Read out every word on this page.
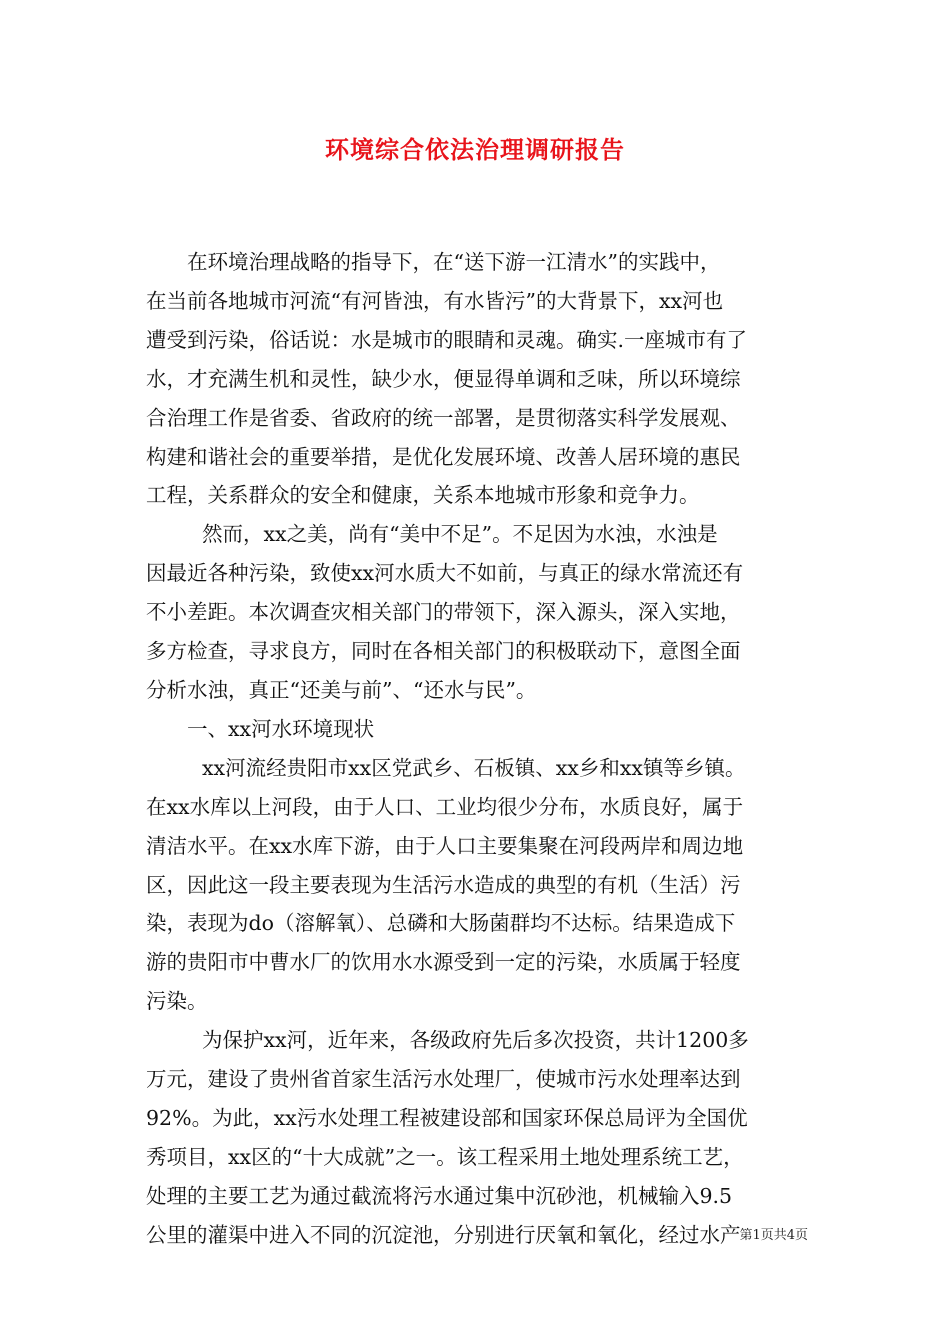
环境综合依法治理调研报告
在环境治理战略的指导下，在“送下游一江清水”的实践中，
在当前各地城市河流“有河皆浊，有水皆污”的大背景下，xx河也
遭受到污染，俗话说：水是城市的眼睛和灵魂。确实.一座城市有了
水，才充满生机和灵性，缺少水，便显得单调和乏味，所以环境综
合治理工作是省委、省政府的统一部署，是贯彻落实科学发展观、
构建和谐社会的重要举措，是优化发展环境、改善人居环境的惠民
工程，关系群众的安全和健康，关系本地城市形象和竞争力。
然而，xx之美，尚有“美中不足”。不足因为水浊，水浊是
因最近各种污染，致使xx河水质大不如前，与真正的绿水常流还有
不小差距。本次调查灾相关部门的带领下，深入源头，深入实地，
多方检查，寻求良方，同时在各相关部门的积极联动下，意图全面
分析水浊，真正“还美与前”、“还水与民”。
一、xx河水环境现状
xx河流经贵阳市xx区党武乡、石板镇、xx乡和xx镇等乡镇。
在xx水库以上河段，由于人口、工业均很少分布，水质良好，属于
清洁水平。在xx水库下游，由于人口主要集聚在河段两岸和周边地
区，因此这一段主要表现为生活污水造成的典型的有机（生活）污
染，表现为do（溶解氧）、总磷和大肠菌群均不达标。结果造成下
游的贵阳市中曹水厂的饮用水水源受到一定的污染，水质属于轻度
污染。
为保护xx河，近年来，各级政府先后多次投资，共计1200多
万元，建设了贵州省首家生活污水处理厂，使城市污水处理率达到
92%。为此，xx污水处理工程被建设部和国家环保总局评为全国优
秀项目，xx区的“十大成就”之一。该工程采用土地处理系统工艺，
处理的主要工艺为通过截流将污水通过集中沉砂池，机械输入9.5
公里的灌渠中进入不同的沉淀池，分别进行厌氧和氧化，经过水产
第1页共4页
